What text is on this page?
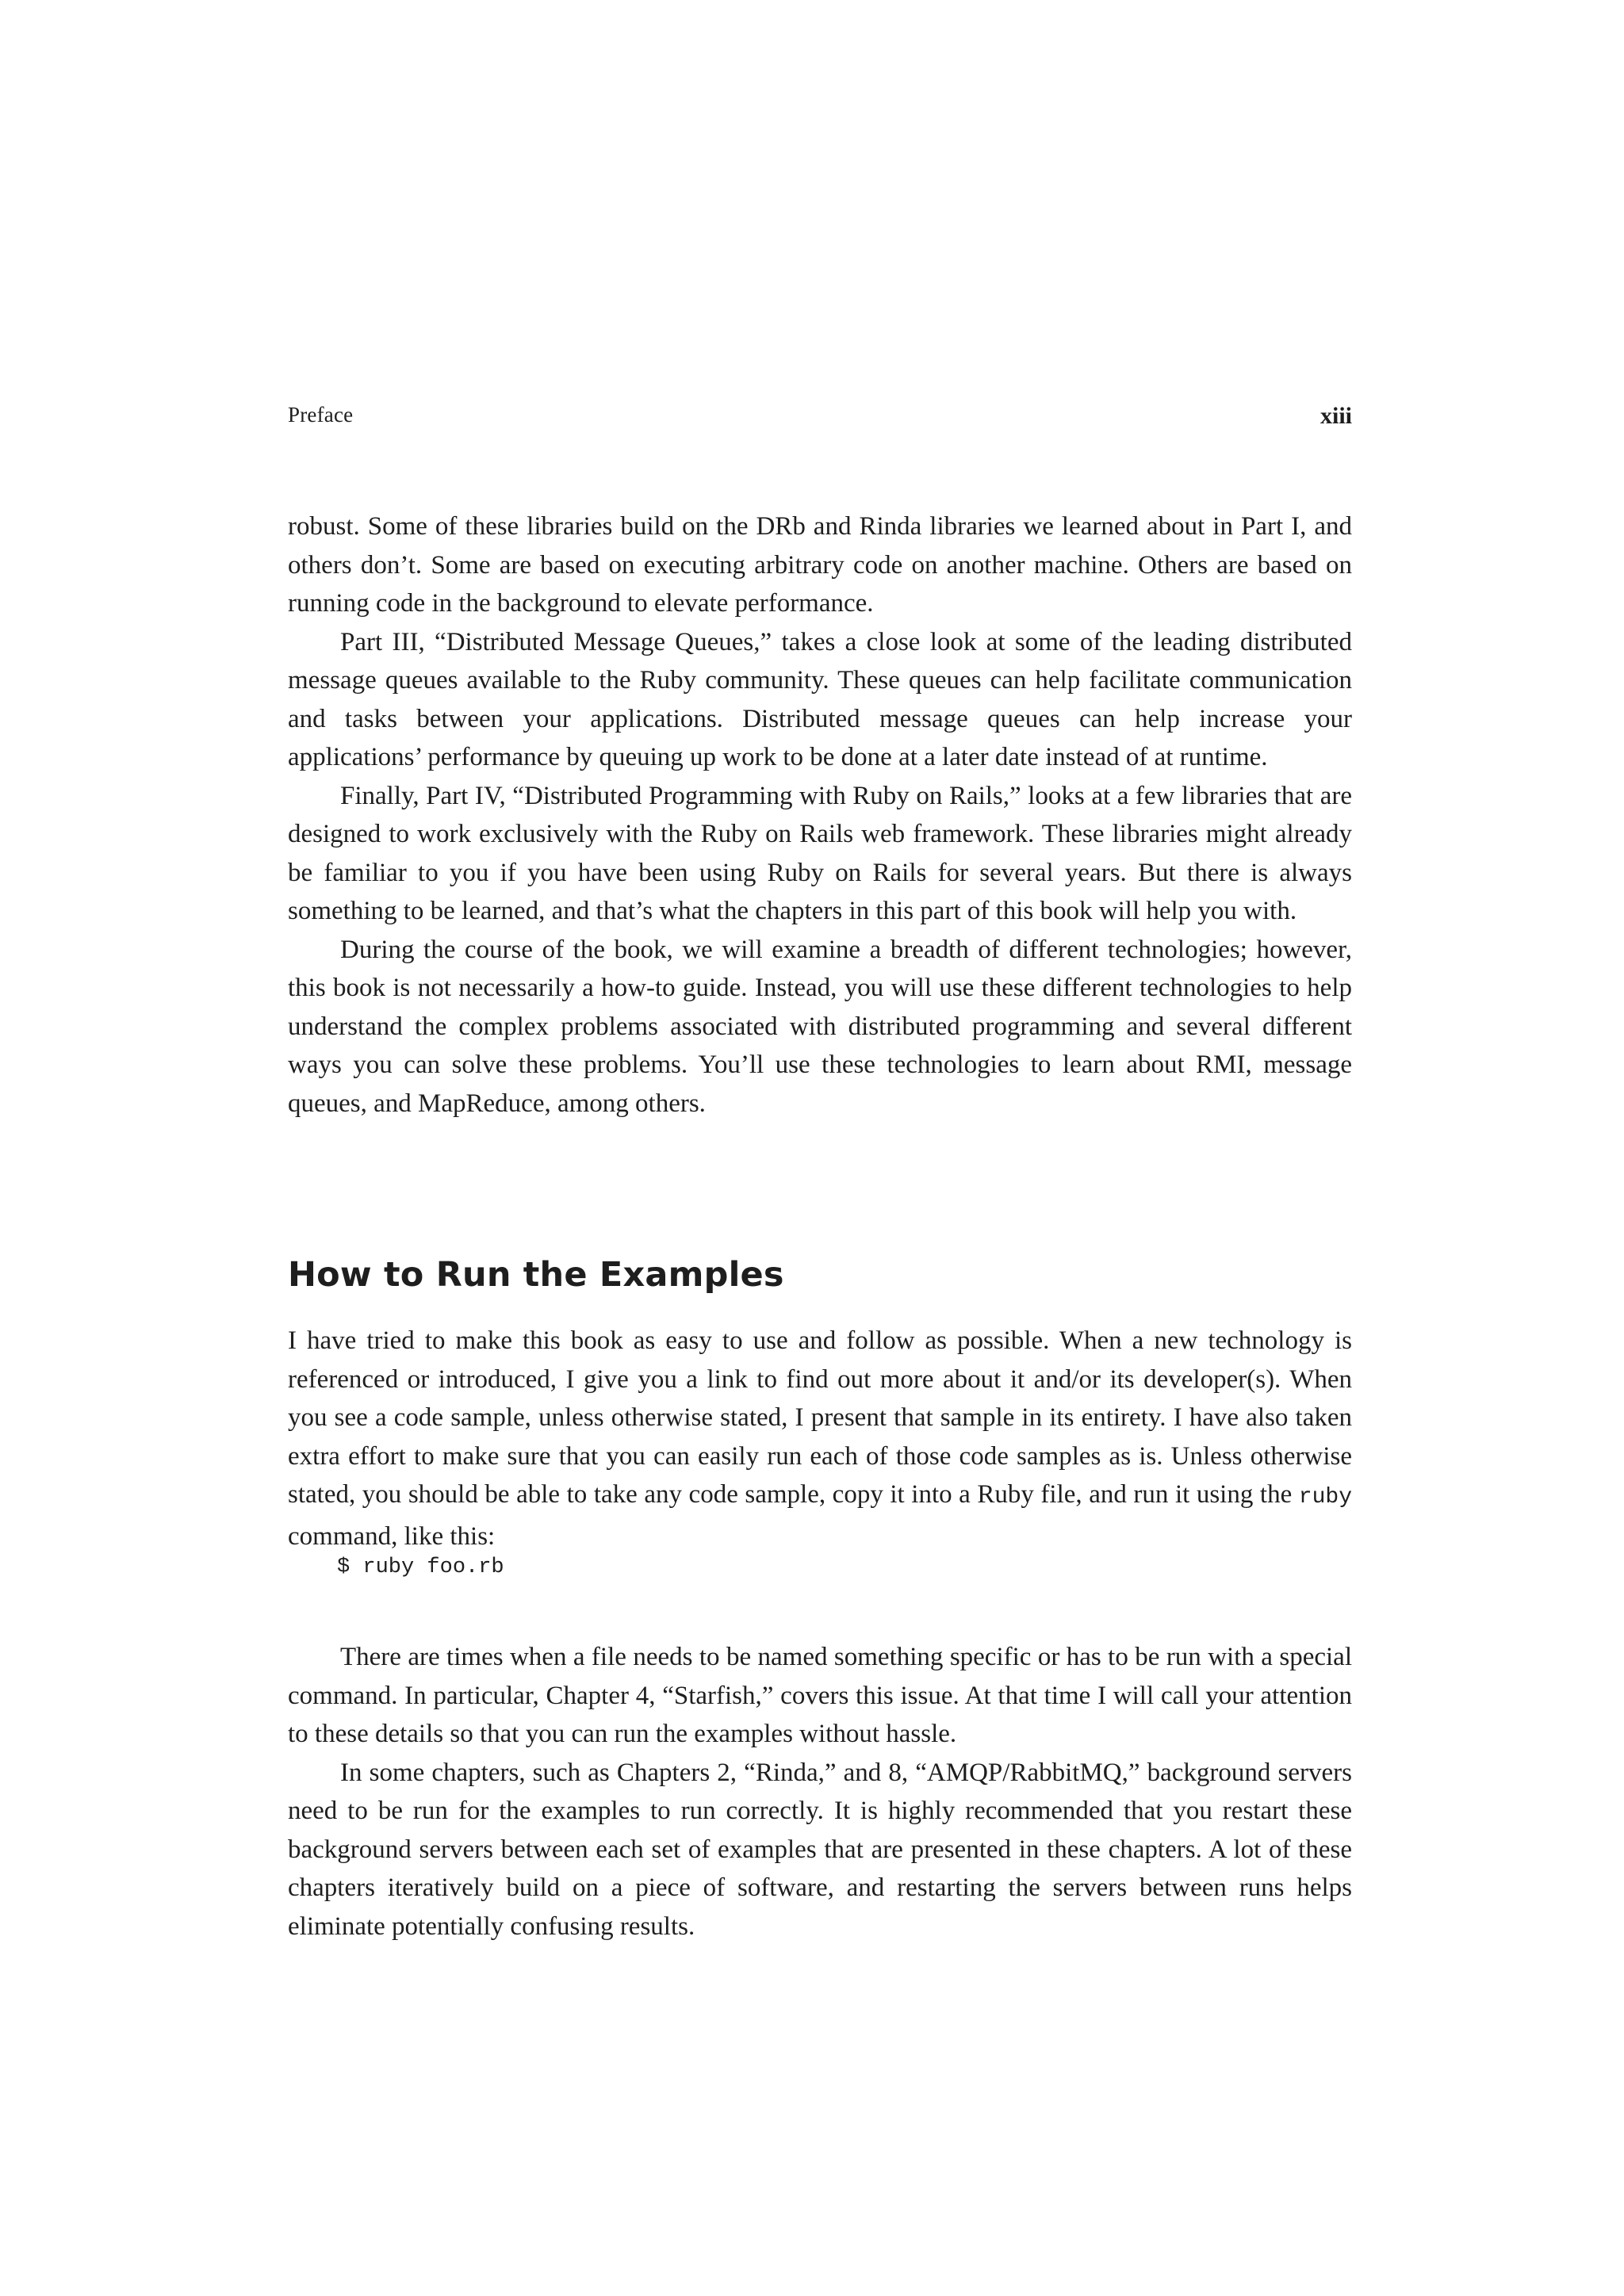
Preface	xiii

robust. Some of these libraries build on the DRb and Rinda libraries we learned about in Part I, and others don’t. Some are based on executing arbitrary code on another machine. Others are based on running code in the background to elevate performance.

Part III, “Distributed Message Queues,” takes a close look at some of the leading distributed message queues available to the Ruby community. These queues can help facilitate communication and tasks between your applications. Distributed message queues can help increase your applications’ performance by queuing up work to be done at a later date instead of at runtime.

Finally, Part IV, “Distributed Programming with Ruby on Rails,” looks at a few libraries that are designed to work exclusively with the Ruby on Rails web framework. These libraries might already be familiar to you if you have been using Ruby on Rails for several years. But there is always something to be learned, and that’s what the chapters in this part of this book will help you with.

During the course of the book, we will examine a breadth of different technologies; however, this book is not necessarily a how-to guide. Instead, you will use these different technologies to help understand the complex problems associated with distributed programming and several different ways you can solve these problems. You’ll use these technologies to learn about RMI, message queues, and MapReduce, among others.

How to Run the Examples

I have tried to make this book as easy to use and follow as possible. When a new technology is referenced or introduced, I give you a link to find out more about it and/or its developer(s). When you see a code sample, unless otherwise stated, I present that sample in its entirety. I have also taken extra effort to make sure that you can easily run each of those code samples as is. Unless otherwise stated, you should be able to take any code sample, copy it into a Ruby file, and run it using the ruby command, like this:

$ ruby foo.rb

There are times when a file needs to be named something specific or has to be run with a special command. In particular, Chapter 4, “Starfish,” covers this issue. At that time I will call your attention to these details so that you can run the examples without hassle.

In some chapters, such as Chapters 2, “Rinda,” and 8, “AMQP/RabbitMQ,” background servers need to be run for the examples to run correctly. It is highly recommended that you restart these background servers between each set of examples that are presented in these chapters. A lot of these chapters iteratively build on a piece of software, and restarting the servers between runs helps eliminate potentially confusing results.
